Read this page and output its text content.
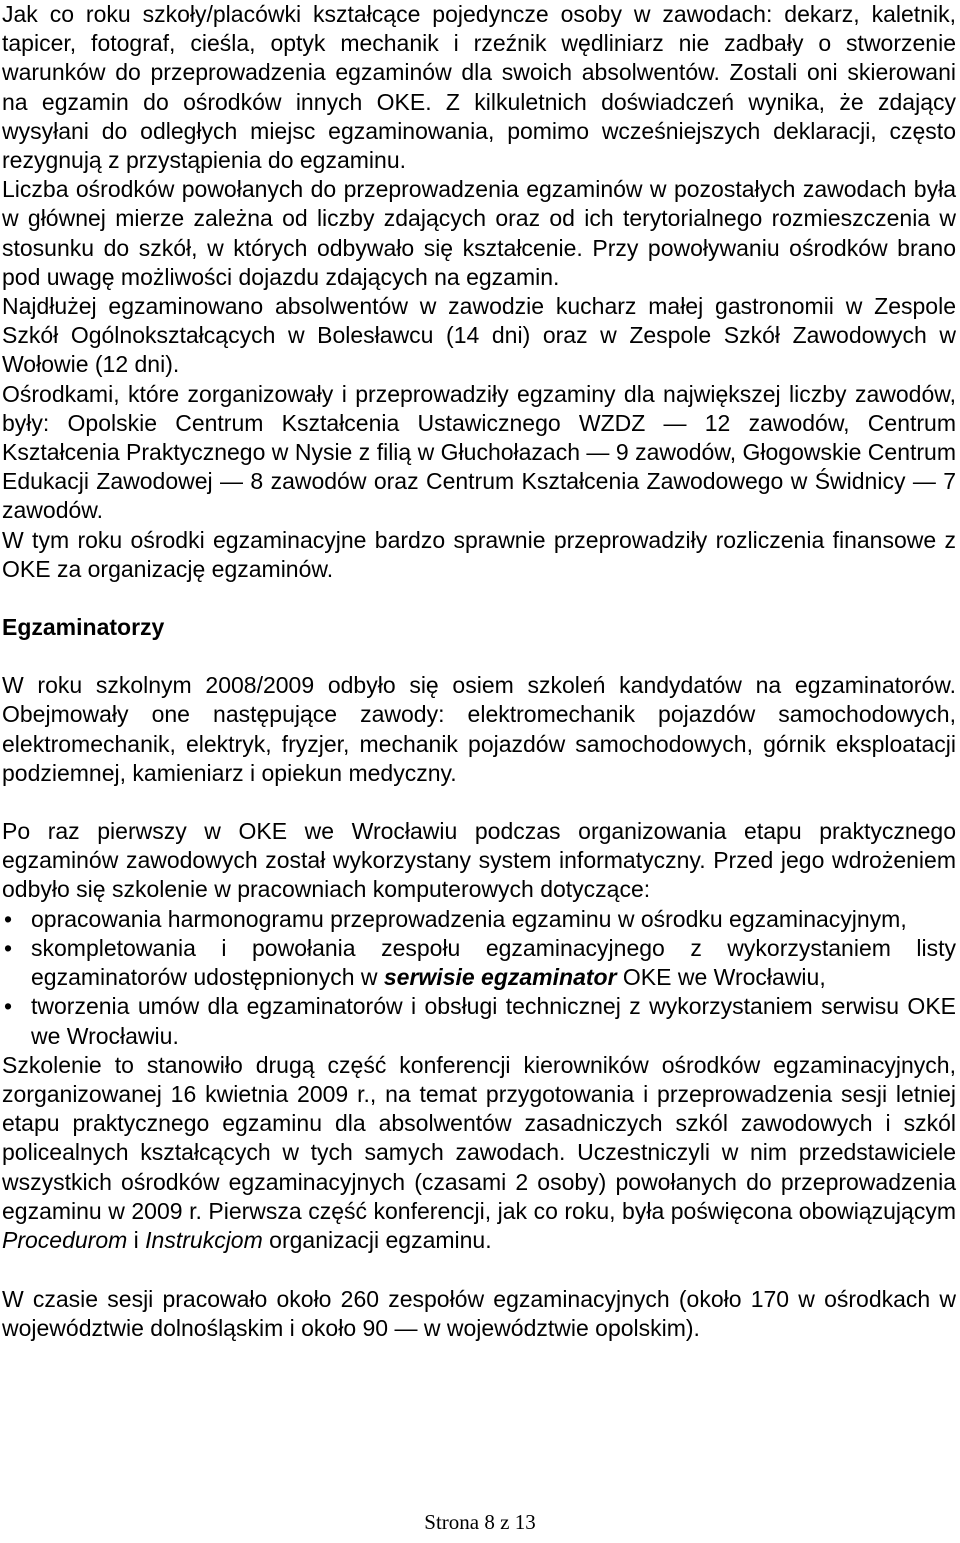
Jak co roku szkoły/placówki kształcące pojedyncze osoby w zawodach: dekarz, kaletnik, tapicer, fotograf, cieśla, optyk mechanik i rzeźnik wędliniarz nie zadbały o stworzenie warunków do przeprowadzenia egzaminów dla swoich absolwentów. Zostali oni skierowani na egzamin do ośrodków innych OKE. Z kilkuletnich doświadczeń wynika, że zdający wysyłani do odległych miejsc egzaminowania, pomimo wcześniejszych deklaracji, często rezygnują z przystąpienia do egzaminu.

Liczba ośrodków powołanych do przeprowadzenia egzaminów w pozostałych zawodach była w głównej mierze zależna od liczby zdających oraz od ich terytorialnego rozmieszczenia w stosunku do szkół, w których odbywało się kształcenie. Przy powoływaniu ośrodków brano pod uwagę możliwości dojazdu zdających na egzamin.

Najdłużej egzaminowano absolwentów w zawodzie kucharz małej gastronomii w Zespole Szkół Ogólnokształcących w Bolesławcu (14 dni) oraz w Zespole Szkół Zawodowych w Wołowie (12 dni).

Ośrodkami, które zorganizowały i przeprowadziły egzaminy dla największej liczby zawodów, były: Opolskie Centrum Kształcenia Ustawicznego WZDZ — 12 zawodów, Centrum Kształcenia Praktycznego w Nysie z filią w Głuchołazach — 9 zawodów, Głogowskie Centrum Edukacji Zawodowej — 8 zawodów oraz Centrum Kształcenia Zawodowego w Świdnicy — 7 zawodów.

W tym roku ośrodki egzaminacyjne bardzo sprawnie przeprowadziły rozliczenia finansowe z OKE za organizację egzaminów.

Egzaminatorzy

W roku szkolnym 2008/2009 odbyło się osiem szkoleń kandydatów na egzaminatorów. Obejmowały one następujące zawody: elektromechanik pojazdów samochodowych, elektromechanik, elektryk, fryzjer, mechanik pojazdów samochodowych, górnik eksploatacji podziemnej, kamieniarz i opiekun medyczny.

Po raz pierwszy w OKE we Wrocławiu podczas organizowania etapu praktycznego egzaminów zawodowych został wykorzystany system informatyczny. Przed jego wdrożeniem odbyło się szkolenie w pracowniach komputerowych dotyczące:

• opracowania harmonogramu przeprowadzenia egzaminu w ośrodku egzaminacyjnym,
• skompletowania i powołania zespołu egzaminacyjnego z wykorzystaniem listy egzaminatorów udostępnionych w serwisie egzaminator OKE we Wrocławiu,
• tworzenia umów dla egzaminatorów i obsługi technicznej z wykorzystaniem serwisu OKE we Wrocławiu.

Szkolenie to stanowiło drugą część konferencji kierowników ośrodków egzaminacyjnych, zorganizowanej 16 kwietnia 2009 r., na temat przygotowania i przeprowadzenia sesji letniej etapu praktycznego egzaminu dla absolwentów zasadniczych szkól zawodowych i szkól policealnych kształcących w tych samych zawodach. Uczestniczyli w nim przedstawiciele wszystkich ośrodków egzaminacyjnych (czasami 2 osoby) powołanych do przeprowadzenia egzaminu w 2009 r. Pierwsza część konferencji, jak co roku, była poświęcona obowiązującym Procedurom i Instrukcjom organizacji egzaminu.

W czasie sesji pracowało około 260 zespołów egzaminacyjnych (około 170 w ośrodkach w województwie dolnośląskim i około 90 — w województwie opolskim).

Strona 8 z 13
